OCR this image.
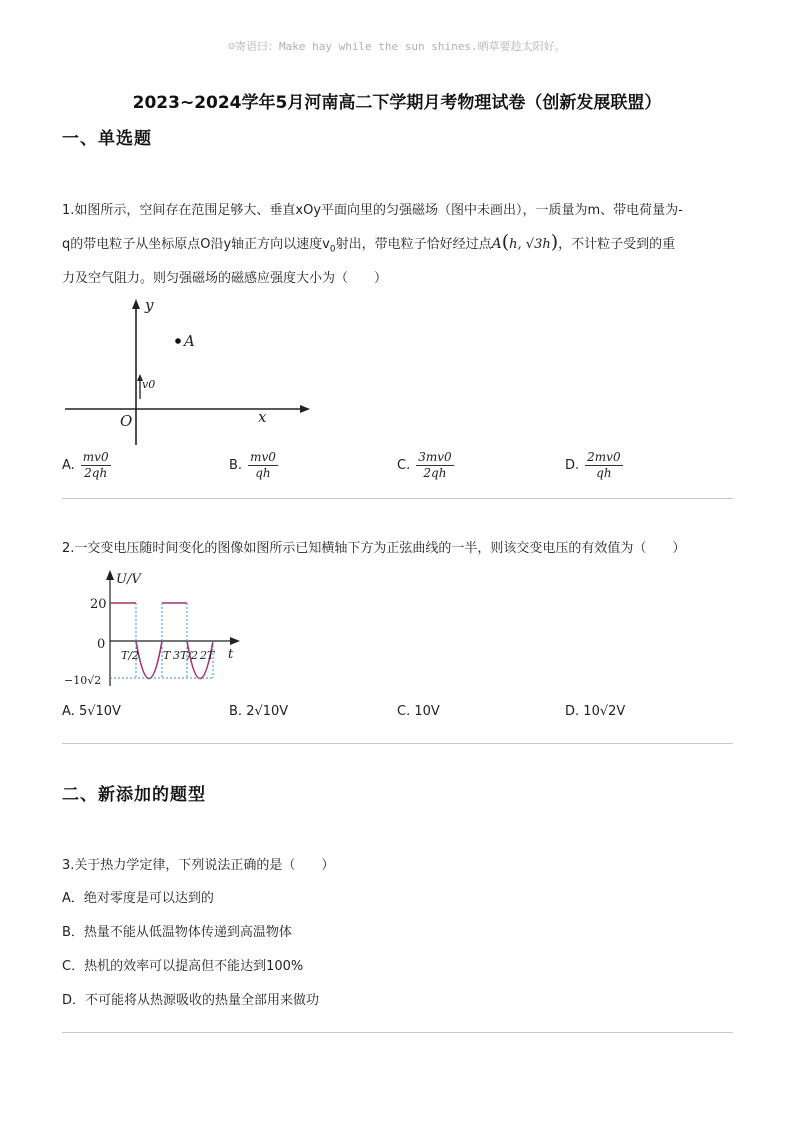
☺寄语曰：Make hay while the sun shines.晒草要趁太阳好。
2023~2024学年5月河南高二下学期月考物理试卷（创新发展联盟）
一、单选题
1.如图所示，空间存在范围足够大、垂直xOy平面向里的匀强磁场（图中未画出），一质量为m、带电荷量为-
q的带电粒子从坐标原点O沿y轴正方向以速度$v_0$射出，带电粒子恰好经过点A(h, √3h)，不计粒子受到的重
力及空气阻力。则匀强磁场的磁感应强度大小为（　　）
y
x
O
A
v0
A. $\frac{mv0}{2qh}$	B. $\frac{mv0}{qh}$	C. $\frac{3mv0}{2qh}$	D. $\frac{2mv0}{qh}$
2.一交变电压随时间变化的图像如图所示已知横轴下方为正弦曲线的一半，则该交变电压的有效值为（　　）
U/V
t
20
0
−10√2
T/2 T 3T/2 2T
A. 5√10V	B. 2√10V	C. 10V	D. 10√2V
二、新添加的题型
3.关于热力学定律，下列说法正确的是（　　）
A．绝对零度是可以达到的
B．热量不能从低温物体传递到高温物体
C．热机的效率可以提高但不能达到100%
D．不可能将从热源吸收的热量全部用来做功
